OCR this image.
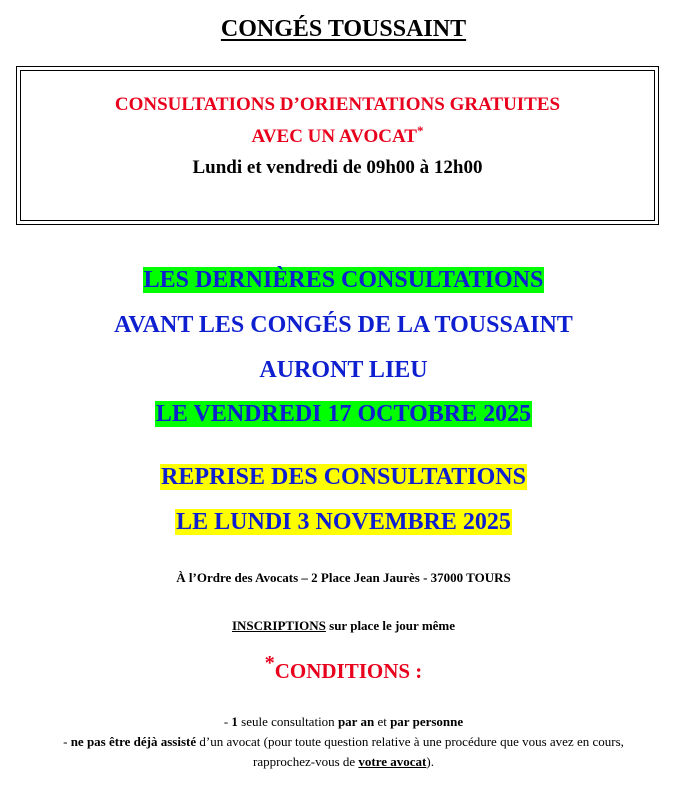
CONGÉS TOUSSAINT
CONSULTATIONS D’ORIENTATIONS GRATUITES
AVEC UN AVOCAT*
Lundi et vendredi de 09h00 à 12h00
LES DERNIÈRES CONSULTATIONS
AVANT LES CONGÉS DE LA TOUSSAINT
AURONT LIEU
LE VENDREDI 17 OCTOBRE 2025
REPRISE DES CONSULTATIONS
LE LUNDI 3 NOVEMBRE 2025
À l’Ordre des Avocats – 2 Place Jean Jaurès - 37000 TOURS
INSCRIPTIONS sur place le jour même
*CONDITIONS :
- 1 seule consultation par an et par personne
- ne pas être déjà assisté d’un avocat (pour toute question relative à une procédure que vous avez en cours,
rapprochez-vous de votre avocat).
